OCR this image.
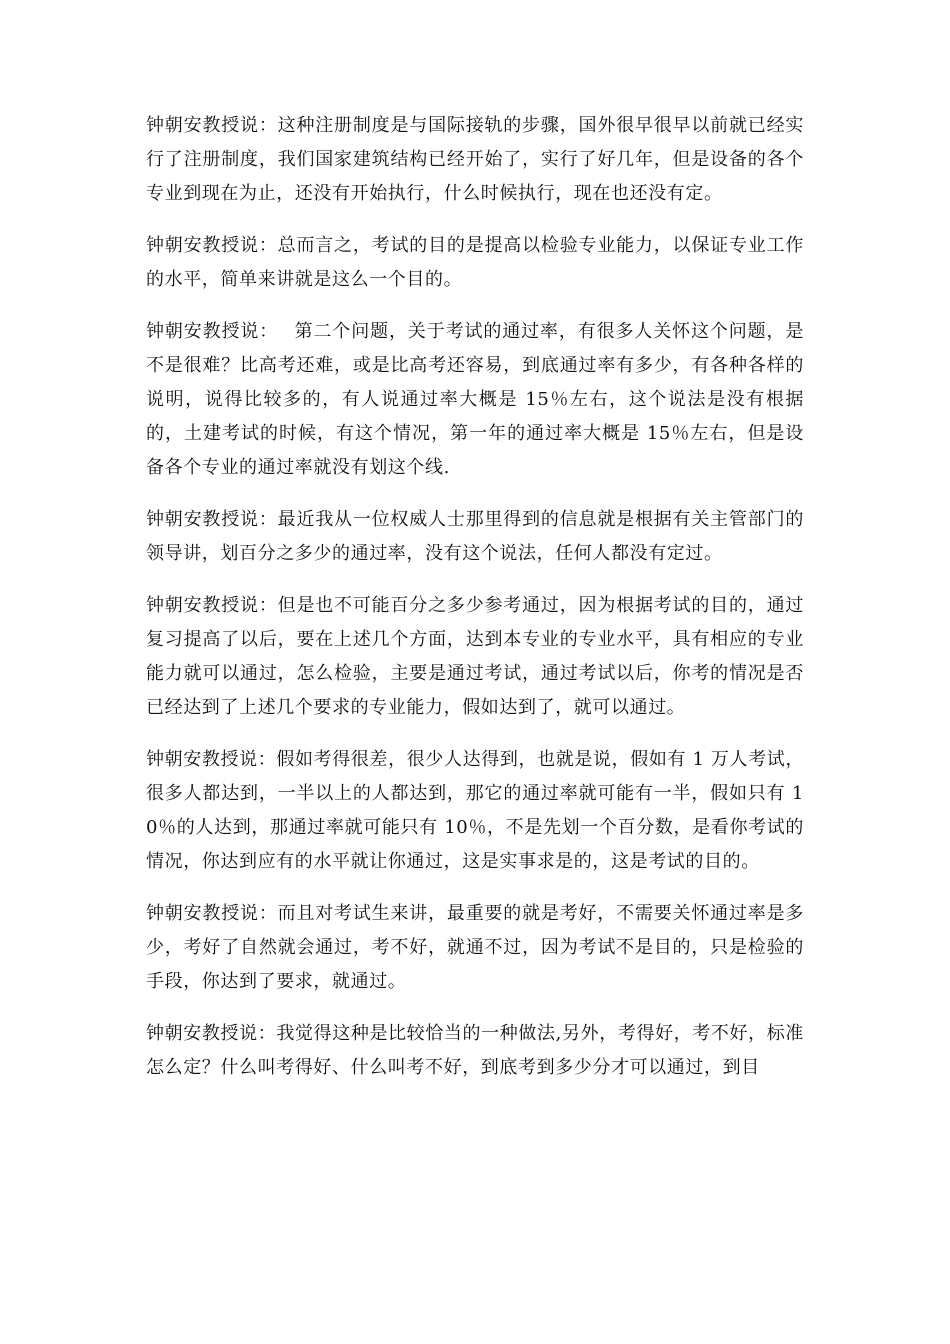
钟朝安教授说：这种注册制度是与国际接轨的步骤，国外很早很早以前就已经实行了注册制度，我们国家建筑结构已经开始了，实行了好几年，但是设备的各个专业到现在为止，还没有开始执行，什么时候执行，现在也还没有定。

钟朝安教授说：总而言之，考试的目的是提高以检验专业能力，以保证专业工作的水平，简单来讲就是这么一个目的。

钟朝安教授说：　 第二个问题，关于考试的通过率，有很多人关怀这个问题，是不是很难？比高考还难，或是比高考还容易，到底通过率有多少，有各种各样的说明，说得比较多的，有人说通过率大概是 15％左右，这个说法是没有根据的，土建考试的时候，有这个情况，第一年的通过率大概是 15％左右，但是设备各个专业的通过率就没有划这个线.

钟朝安教授说：最近我从一位权威人士那里得到的信息就是根据有关主管部门的领导讲，划百分之多少的通过率，没有这个说法，任何人都没有定过。

钟朝安教授说：但是也不可能百分之多少参考通过，因为根据考试的目的，通过复习提高了以后，要在上述几个方面，达到本专业的专业水平，具有相应的专业能力就可以通过，怎么检验，主要是通过考试，通过考试以后，你考的情况是否已经达到了上述几个要求的专业能力，假如达到了，就可以通过。

钟朝安教授说：假如考得很差，很少人达得到，也就是说，假如有 1 万人考试，很多人都达到，一半以上的人都达到，那它的通过率就可能有一半，假如只有 10％的人达到，那通过率就可能只有 10％，不是先划一个百分数，是看你考试的情况，你达到应有的水平就让你通过，这是实事求是的，这是考试的目的。

钟朝安教授说：而且对考试生来讲，最重要的就是考好，不需要关怀通过率是多少，考好了自然就会通过，考不好，就通不过，因为考试不是目的，只是检验的手段，你达到了要求，就通过。

钟朝安教授说：我觉得这种是比较恰当的一种做法,另外，考得好，考不好，标准怎么定？什么叫考得好、什么叫考不好，到底考到多少分才可以通过，到目
